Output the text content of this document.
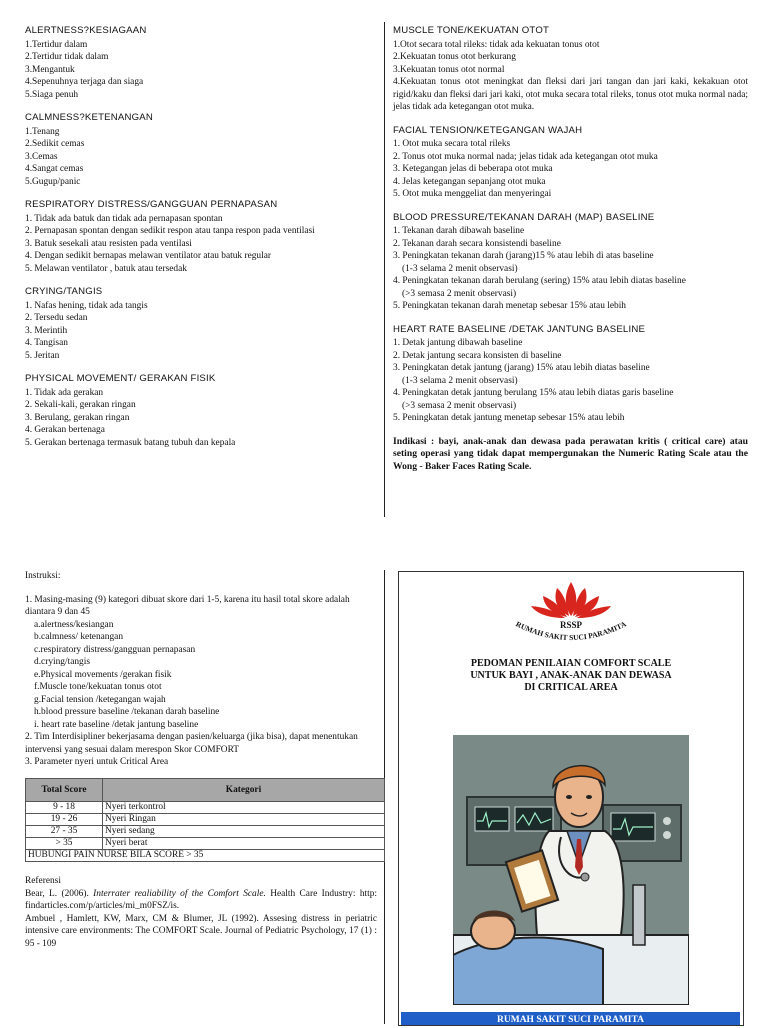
ALERTNESS?KESIAGAAN
1.Tertidur dalam
2.Tertidur tidak dalam
3.Mengantuk
4.Sepenuhnya terjaga dan siaga
5.Siaga penuh
CALMNESS?KETENANGAN
1.Tenang
2.Sedikit cemas
3.Cemas
4.Sangat cemas
5.Gugup/panic
RESPIRATORY DISTRESS/GANGGUAN PERNAPASAN
1. Tidak ada batuk dan tidak ada pernapasan spontan
2. Pernapasan spontan dengan sedikit respon atau tanpa respon pada ventilasi
3. Batuk sesekali atau resisten pada ventilasi
4. Dengan sedikit bernapas melawan ventilator atau batuk regular
5. Melawan ventilator , batuk atau tersedak
CRYING/TANGIS
1. Nafas hening, tidak ada tangis
2. Tersedu sedan
3. Merintih
4. Tangisan
5. Jeritan
PHYSICAL MOVEMENT/ GERAKAN FISIK
1. Tidak ada gerakan
2. Sekali-kali, gerakan ringan
3. Berulang, gerakan ringan
4. Gerakan bertenaga
5. Gerakan bertenaga termasuk batang tubuh dan kepala
MUSCLE TONE/KEKUATAN OTOT
1.Otot secara total rileks: tidak ada kekuatan tonus otot
2.Kekuatan tonus otot berkurang
3.Kekuatan tonus otot normal
4.Kekuatan tonus otot meningkat dan fleksi dari jari tangan dan jari kaki, kekakuan otot rigid/kaku dan fleksi dari jari kaki, otot muka secara total rileks, tonus otot muka normal nada; jelas tidak ada ketegangan otot muka.
FACIAL TENSION/KETEGANGAN WAJAH
1. Otot muka secara total rileks
2. Tonus otot muka normal nada; jelas tidak ada ketegangan otot muka
3. Ketegangan jelas di beberapa otot muka
4. Jelas ketegangan sepanjang otot muka
5. Otot muka menggeliat dan menyeringai
BLOOD PRESSURE/TEKANAN DARAH (MAP) BASELINE
1. Tekanan darah dibawah baseline
2. Tekanan darah secara konsistendi baseline
3. Peningkatan tekanan darah (jarang)15 % atau lebih di atas baseline
(1-3 selama 2 menit observasi)
4. Peningkatan tekanan darah berulang (sering) 15% atau lebih diatas baseline
(>3 semasa 2 menit observasi)
5. Peningkatan tekanan darah menetap sebesar 15% atau lebih
HEART RATE BASELINE /DETAK JANTUNG BASELINE
1. Detak jantung dibawah baseline
2. Detak jantung secara konsisten di baseline
3. Peningkatan detak jantung (jarang) 15% atau lebih diatas baseline
(1-3 selama 2 menit observasi)
4. Peningkatan detak jantung berulang 15% atau lebih diatas garis baseline
(>3 semasa 2 menit observasi)
5. Peningkatan detak jantung menetap sebesar 15% atau lebih
Indikasi : bayi, anak-anak dan dewasa pada perawatan kritis ( critical care) atau seting operasi yang tidak dapat mempergunakan the Numeric Rating Scale atau the Wong - Baker Faces Rating Scale.
Instruksi:
1. Masing-masing (9) kategori dibuat skore dari 1-5, karena itu hasil total skore adalah diantara 9 dan 45
a.alertness/kesiangan
b.calmness/ ketenangan
c.respiratory distress/gangguan pernapasan
d.crying/tangis
e.Physical movements /gerakan fisik
f.Muscle tone/kekuatan tonus otot
g.Facial tension /ketegangan wajah
h.blood pressure baseline /tekanan darah baseline
i. heart rate baseline /detak jantung baseline
2. Tim Interdisipliner bekerjasama dengan pasien/keluarga (jika bisa), dapat menentukan intervensi yang sesuai dalam merespon Skor COMFORT
3. Parameter nyeri untuk Critical Area
Total Score	Kategori
9 - 18	Nyeri terkontrol
19 - 26	Nyeri Ringan
27 - 35	Nyeri sedang
> 35	Nyeri berat
HUBUNGI PAIN NURSE BILA SCORE > 35	
Referensi
Bear, L. (2006). Interrater realiability of the Comfort Scale. Health Care Industry: http: findarticles.com/p/articles/mi_m0FSZ/is.
Ambuel , Hamlett, KW, Marx, CM & Blumer, JL (1992). Assesing distress in periatric intensive care environments: The COMFORT Scale. Journal of Pediatric Psychology, 17 (1) : 95 - 109
RSSP
RUMAH SAKIT SUCI PARAMITA
PEDOMAN PENILAIAN COMFORT SCALE
UNTUK BAYI , ANAK-ANAK DAN DEWASA
DI CRITICAL AREA
RUMAH SAKIT SUCI PARAMITA
